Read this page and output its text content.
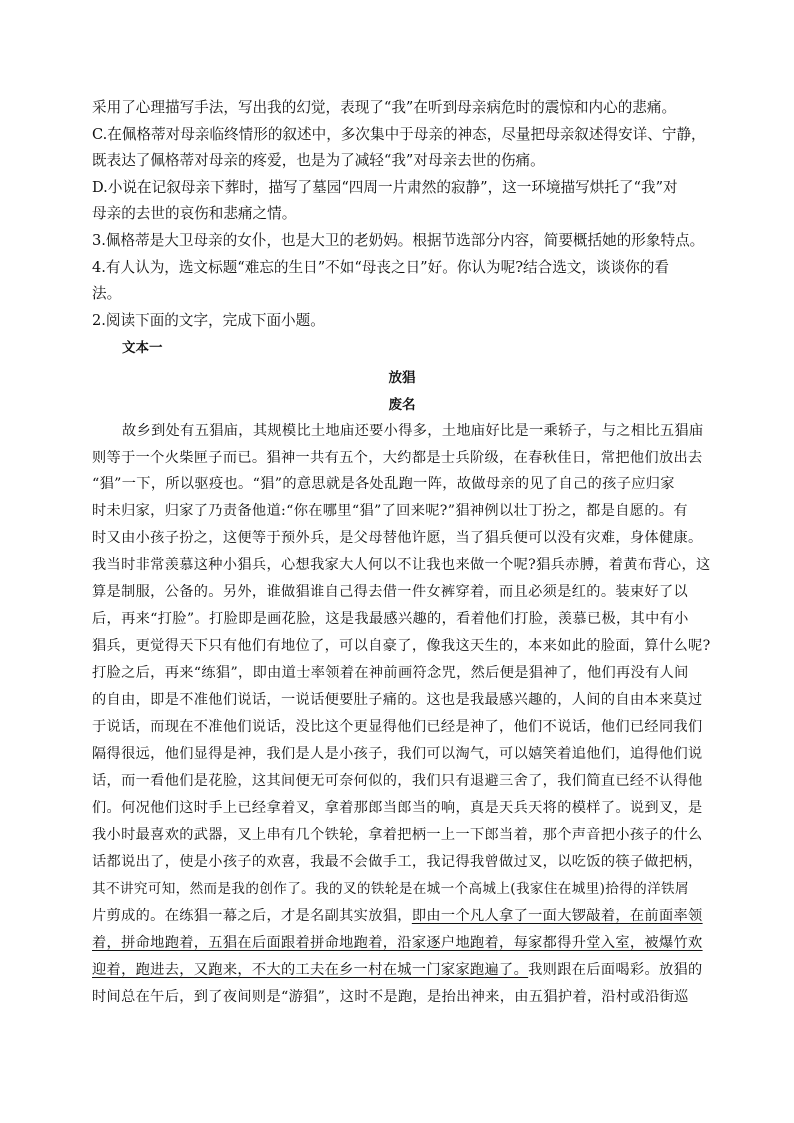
采用了心理描写手法，写出我的幻觉，表现了“我”在听到母亲病危时的震惊和内心的悲痛。
C.在佩格蒂对母亲临终情形的叙述中，多次集中于母亲的神态，尽量把母亲叙述得安详、宁静，
既表达了佩格蒂对母亲的疼爱，也是为了减轻“我”对母亲去世的伤痛。
D.小说在记叙母亲下葬时，描写了墓园“四周一片肃然的寂静”，这一环境描写烘托了“我”对
母亲的去世的哀伤和悲痛之情。
3.佩格蒂是大卫母亲的女仆，也是大卫的老奶妈。根据节选部分内容，简要概括她的形象特点。
4.有人认为，选文标题“难忘的生日”不如“母丧之日”好。你认为呢?结合选文，谈谈你的看
法。
2.阅读下面的文字，完成下面小题。
文本一
放猖
废名
故乡到处有五猖庙，其规模比土地庙还要小得多，土地庙好比是一乘轿子，与之相比五猖庙
则等于一个火柴匣子而已。猖神一共有五个，大约都是士兵阶级，在春秋佳日，常把他们放出去
“猖”一下，所以驱疫也。“猖”的意思就是各处乱跑一阵，故做母亲的见了自己的孩子应归家
时未归家，归家了乃责备他道:“你在哪里“猖”了回来呢?”猖神例以壮丁扮之，都是自愿的。有
时又由小孩子扮之，这便等于预外兵，是父母替他许愿，当了猖兵便可以没有灾难，身体健康。
我当时非常羡慕这种小猖兵，心想我家大人何以不让我也来做一个呢?猖兵赤膊，着黄布背心，这
算是制服，公备的。另外，谁做猖谁自己得去借一件女裤穿着，而且必须是红的。装束好了以
后，再来“打脸”。打脸即是画花脸，这是我最感兴趣的，看着他们打脸，羡慕已极，其中有小
猖兵，更觉得天下只有他们有地位了，可以自豪了，像我这天生的，本来如此的脸面，算什么呢?
打脸之后，再来“练猖”，即由道士率领着在神前画符念咒，然后便是猖神了，他们再没有人间
的自由，即是不准他们说话，一说话便要肚子痛的。这也是我最感兴趣的，人间的自由本来莫过
于说话，而现在不准他们说话，没比这个更显得他们已经是神了，他们不说话，他们已经同我们
隔得很远，他们显得是神，我们是人是小孩子，我们可以淘气，可以嬉笑着追他们，追得他们说
话，而一看他们是花脸，这其间便无可奈何似的，我们只有退避三舍了，我们简直已经不认得他
们。何况他们这时手上已经拿着叉，拿着那郎当郎当的响，真是天兵天将的模样了。说到叉，是
我小时最喜欢的武器，叉上串有几个铁轮，拿着把柄一上一下郎当着，那个声音把小孩子的什么
话都说出了，使是小孩子的欢喜，我最不会做手工，我记得我曾做过叉，以吃饭的筷子做把柄，
其不讲究可知，然而是我的创作了。我的叉的铁轮是在城一个高城上(我家住在城里)拾得的洋铁屑
片剪成的。在练猖一幕之后，才是名副其实放猖，即由一个凡人拿了一面大锣敲着，在前面率领
着，拼命地跑着，五猖在后面跟着拼命地跑着，沿家逐户地跑着，每家都得升堂入室，被爆竹欢
迎着，跑进去，又跑来，不大的工夫在乡一村在城一门家家跑遍了。我则跟在后面喝彩。放猖的
时间总在午后，到了夜间则是“游猖”，这时不是跑，是抬出神来，由五猖护着，沿村或沿街巡
